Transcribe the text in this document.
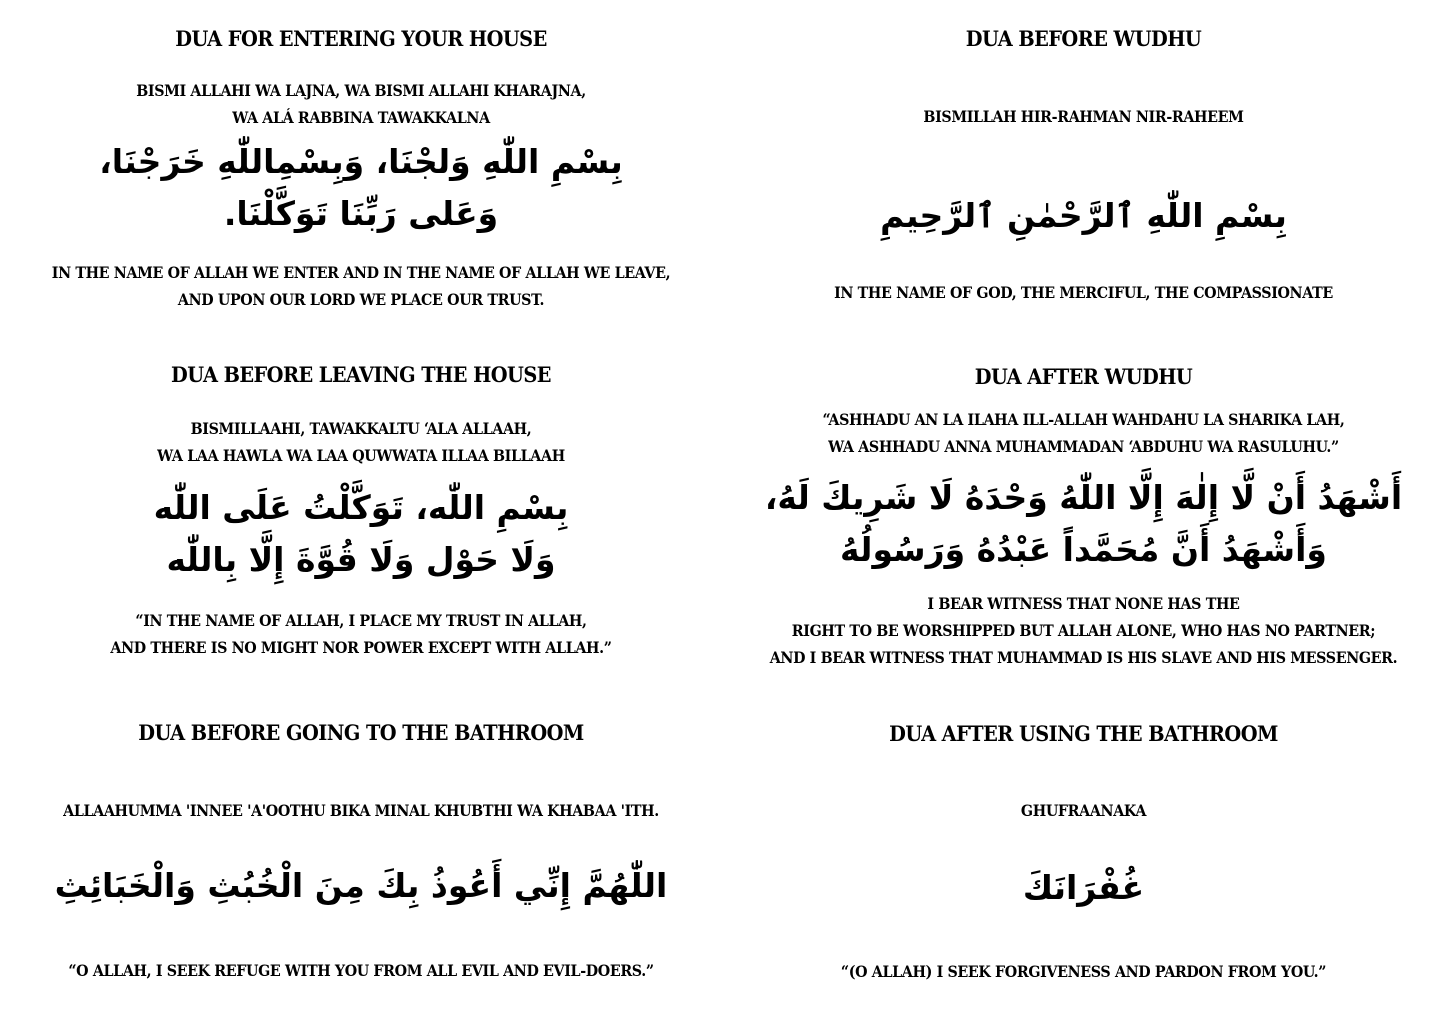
DUA FOR ENTERING YOUR HOUSE
BISMI ALLAHI WA LAJNA, WA BISMI ALLAHI KHARAJNA,
WA ALÁ RABBINA TAWAKKALNA
بِسْمِ اللّٰهِ وَلجْنَا، وَبِسْمِاللّٰهِ خَرَجْنَا،
وَعَلى رَبِّنَا تَوَكَّلْنَا.
IN THE NAME OF ALLAH WE ENTER AND IN THE NAME OF ALLAH WE LEAVE,
AND UPON OUR LORD WE PLACE OUR TRUST.
DUA BEFORE WUDHU
BISMILLAH HIR-RAHMAN NIR-RAHEEM
بِسْمِ اللّٰهِ ٱلرَّحْمٰنِ ٱلرَّحِيمِ
IN THE NAME OF GOD, THE MERCIFUL, THE COMPASSIONATE
DUA BEFORE LEAVING THE HOUSE
BISMILLAAHI, TAWAKKALTU ‘ALA ALLAAH,
WA LAA HAWLA WA LAA QUWWATA ILLAA BILLAAH
بِسْمِ اللّٰه، تَوَكَّلْتُ عَلَى اللّٰه
وَلَا حَوْل وَلَا قُوَّةَ إِلَّا بِاللّٰه
“IN THE NAME OF ALLAH, I PLACE MY TRUST IN ALLAH,
AND THERE IS NO MIGHT NOR POWER EXCEPT WITH ALLAH.”
DUA AFTER WUDHU
“ASHHADU AN LA ILAHA ILL-ALLAH WAHDAHU LA SHARIKA LAH,
WA ASHHADU ANNA MUHAMMADAN ‘ABDUHU WA RASULUHU.”
أَشْهَدُ أَنْ لَّا إِلٰهَ إِلَّا اللّٰهُ وَحْدَهُ لَا شَرِيكَ لَهُ،
وَأَشْهَدُ أَنَّ مُحَمَّداً عَبْدُهُ وَرَسُولُهُ
I BEAR WITNESS THAT NONE HAS THE
RIGHT TO BE WORSHIPPED BUT ALLAH ALONE, WHO HAS NO PARTNER;
AND I BEAR WITNESS THAT MUHAMMAD IS HIS SLAVE AND HIS MESSENGER.
DUA BEFORE GOING TO THE BATHROOM
ALLAAHUMMA 'INNEE 'A'OOTHU BIKA MINAL KHUBTHI WA KHABAA 'ITH.
اللّٰهُمَّ إِنِّي أَعُوذُ بِكَ مِنَ الْخُبُثِ وَالْخَبَائِثِ
“O ALLAH, I SEEK REFUGE WITH YOU FROM ALL EVIL AND EVIL-DOERS.”
DUA AFTER USING THE BATHROOM
GHUFRAANAKA
غُفْرَانَكَ
“(O ALLAH) I SEEK FORGIVENESS AND PARDON FROM YOU.”
